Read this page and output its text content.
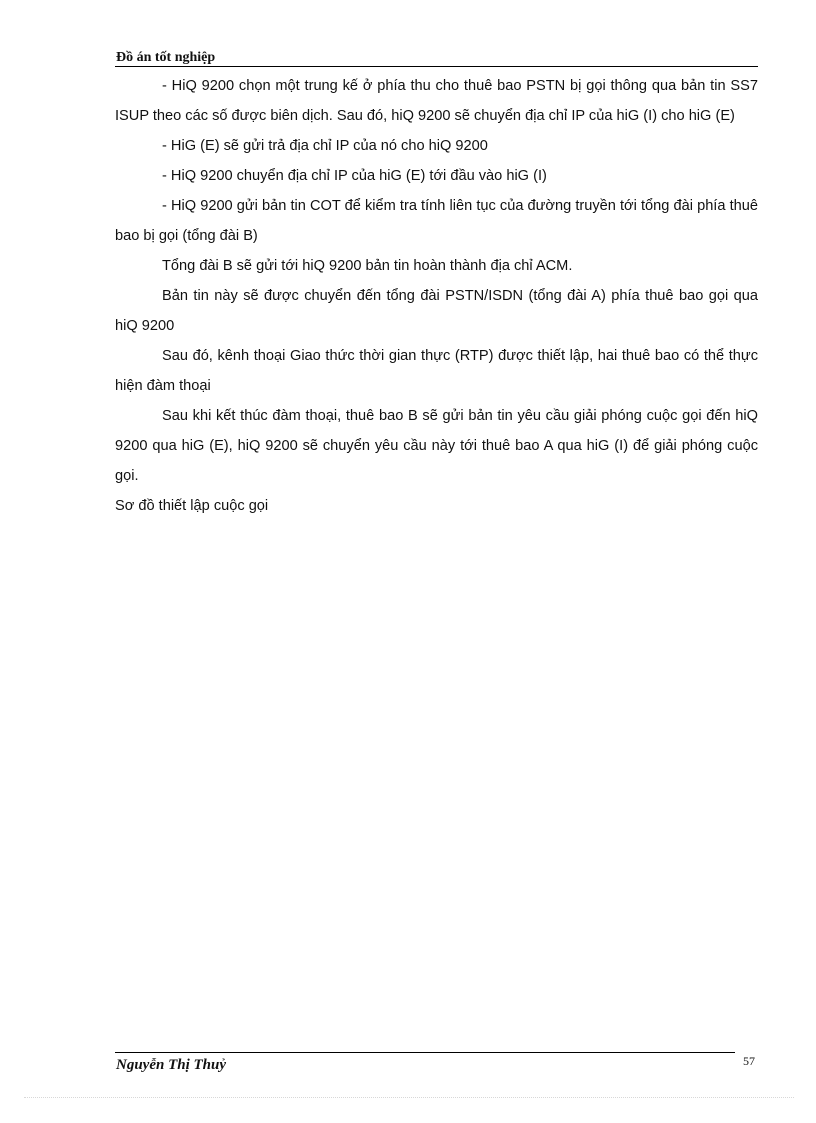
Đồ án tốt nghiệp

- HiQ 9200 chọn một trung kế ở phía thu cho thuê bao PSTN bị gọi thông qua bản tin SS7 ISUP theo các số được biên dịch. Sau đó, hiQ 9200 sẽ chuyển địa chỉ IP của hiG (I) cho hiG (E)

- HiG (E) sẽ gửi trả địa chỉ IP của nó cho hiQ 9200

- HiQ 9200 chuyển địa chỉ IP của hiG (E) tới đầu vào hiG (I)

- HiQ 9200 gửi bản tin COT để kiểm tra tính liên tục của đường truyền tới tổng đài phía thuê bao bị gọi (tổng đài B)

Tổng đài B sẽ gửi tới hiQ 9200 bản tin hoàn thành địa chỉ ACM.

Bản tin này sẽ được chuyển đến tổng đài PSTN/ISDN (tổng đài A) phía thuê bao gọi qua hiQ 9200

Sau đó, kênh thoại Giao thức thời gian thực (RTP) được thiết lập, hai thuê bao có thể thực hiện đàm thoại

Sau khi kết thúc đàm thoại, thuê bao B sẽ gửi bản tin yêu cầu giải phóng cuộc gọi đến hiQ 9200 qua hiG (E), hiQ 9200 sẽ chuyển yêu cầu này tới thuê bao A qua hiG (I) để giải phóng cuộc gọi.

Sơ đồ thiết lập cuộc gọi

Nguyễn Thị Thuỷ	57
